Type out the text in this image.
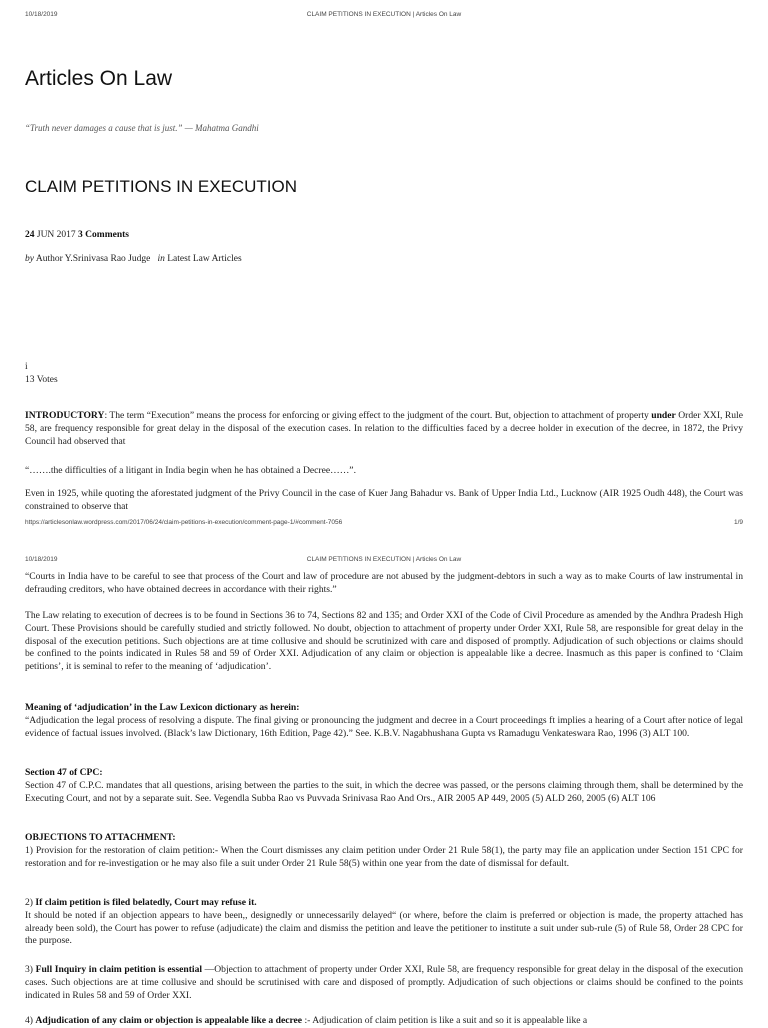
10/18/2019	CLAIM PETITIONS IN EXECUTION | Articles On Law
Articles On Law
“Truth never damages a cause that is just.” — Mahatma Gandhi
CLAIM PETITIONS IN EXECUTION
24 JUN 2017 3 Comments
by Author Y.Srinivasa Rao Judge in Latest Law Articles
i
13 Votes
INTRODUCTORY: The term “Execution” means the process for enforcing or giving effect to the judgment of the court. But, objection to attachment of property under Order XXI, Rule 58, are frequency responsible for great delay in the disposal of the execution cases. In relation to the difficulties faced by a decree holder in execution of the decree, in 1872, the Privy Council had observed that
“…….the difficulties of a litigant in India begin when he has obtained a Decree……”.
Even in 1925, while quoting the aforestated judgment of the Privy Council in the case of Kuer Jang Bahadur vs. Bank of Upper India Ltd., Lucknow (AIR 1925 Oudh 448), the Court was constrained to observe that
https://articlesonlaw.wordpress.com/2017/06/24/claim-petitions-in-execution/comment-page-1/#comment-7056	1/9
10/18/2019	CLAIM PETITIONS IN EXECUTION | Articles On Law
“Courts in India have to be careful to see that process of the Court and law of procedure are not abused by the judgment-debtors in such a way as to make Courts of law instrumental in defrauding creditors, who have obtained decrees in accordance with their rights.”
The Law relating to execution of decrees is to be found in Sections 36 to 74, Sections 82 and 135; and Order XXI of the Code of Civil Procedure as amended by the Andhra Pradesh High Court. These Provisions should be carefully studied and strictly followed. No doubt, objection to attachment of property under Order XXI, Rule 58, are responsible for great delay in the disposal of the execution petitions. Such objections are at time collusive and should be scrutinized with care and disposed of promptly. Adjudication of such objections or claims should be confined to the points indicated in Rules 58 and 59 of Order XXI. Adjudication of any claim or objection is appealable like a decree. Inasmuch as this paper is confined to ‘Claim petitions’, it is seminal to refer to the meaning of ‘adjudication’.
Meaning of ‘adjudication’ in the Law Lexicon dictionary as herein:
“Adjudication the legal process of resolving a dispute. The final giving or pronouncing the judgment and decree in a Court proceedings ft implies a hearing of a Court after notice of legal evidence of factual issues involved. (Black’s law Dictionary, 16th Edition, Page 42).” See. K.B.V. Nagabhushana Gupta vs Ramadugu Venkateswara Rao, 1996 (3) ALT 100.
Section 47 of CPC:
Section 47 of C.P.C. mandates that all questions, arising between the parties to the suit, in which the decree was passed, or the persons claiming through them, shall be determined by the Executing Court, and not by a separate suit. See. Vegendla Subba Rao vs Puvvada Srinivasa Rao And Ors., AIR 2005 AP 449, 2005 (5) ALD 260, 2005 (6) ALT 106
OBJECTIONS TO ATTACHMENT:
1) Provision for the restoration of claim petition:- When the Court dismisses any claim petition under Order 21 Rule 58(1), the party may file an application under Section 151 CPC for restoration and for re-investigation or he may also file a suit under Order 21 Rule 58(5) within one year from the date of dismissal for default.
2) If claim petition is filed belatedly, Court may refuse it.
It should be noted if an objection appears to have been,, designedly or unnecessarily delayed“ (or where, before the claim is preferred or objection is made, the property attached has already been sold), the Court has power to refuse (adjudicate) the claim and dismiss the petition and leave the petitioner to institute a suit under sub-rule (5) of Rule 58, Order 28 CPC for the purpose.
3) Full Inquiry in claim petition is essential —Objection to attachment of property under Order XXI, Rule 58, are frequency responsible for great delay in the disposal of the execution cases. Such objections are at time collusive and should be scrutinised with care and disposed of promptly. Adjudication of such objections or claims should be confined to the points indicated in Rules 58 and 59 of Order XXI.
4) Adjudication of any claim or objection is appealable like a decree :- Adjudication of claim petition is like a suit and so it is appealable like a
